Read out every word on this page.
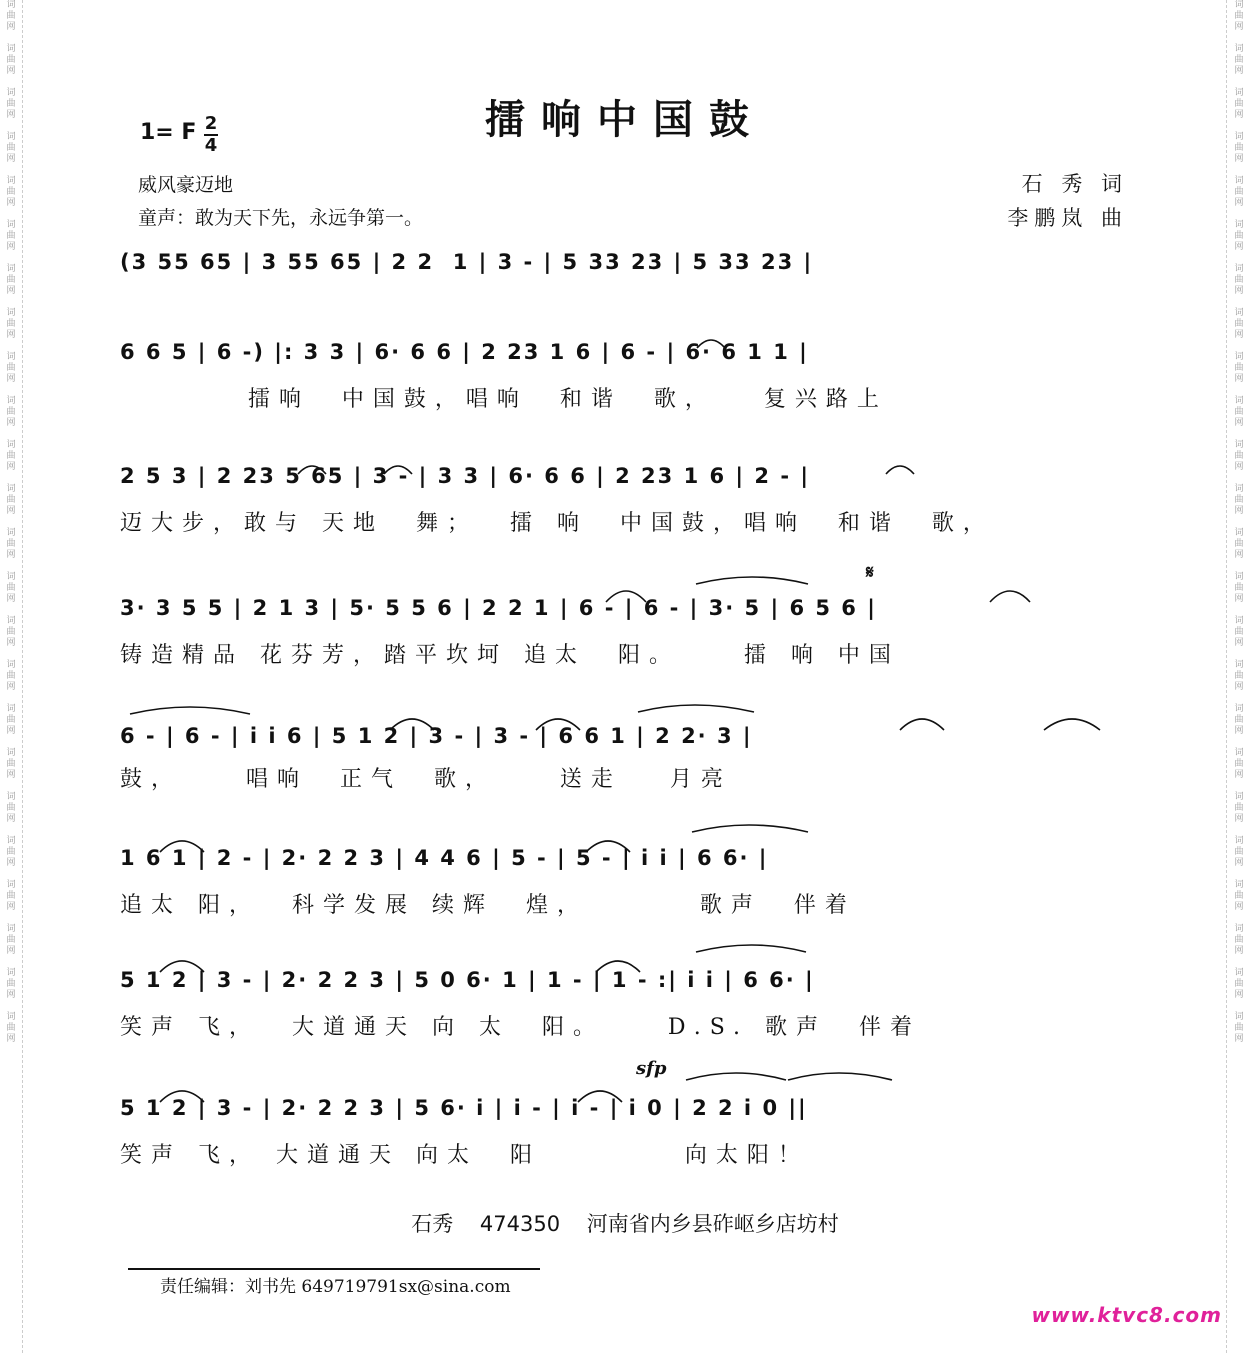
词
曲
网

词
曲
网

词
曲
网

词
曲
网

词
曲
网

词
曲
网

词
曲
网

词
曲
网

词
曲
网

词
曲
网

词
曲
网

词
曲
网

词
曲
网

词
曲
网

词
曲
网

词
曲
网

词
曲
网

词
曲
网

词
曲
网

词
曲
网

词
曲
网

词
曲
网

词
曲
网

词
曲
网
词
曲
网

词
曲
网

词
曲
网

词
曲
网

词
曲
网

词
曲
网

词
曲
网

词
曲
网

词
曲
网

词
曲
网

词
曲
网

词
曲
网

词
曲
网

词
曲
网

词
曲
网

词
曲
网

词
曲
网

词
曲
网

词
曲
网

词
曲
网

词
曲
网

词
曲
网

词
曲
网

词
曲
网
擂响中国鼓
1= F 2
4
威风豪迈地
童声：敢为天下先，永远争第一。
石 秀 词
李鹏岚 曲
(3 55 65 | 3 55 65 | 2 2  1 | 3 - | 5 33 23 | 5 33 23 |
6 6 5 | 6 -) |: 3 3 | 6· 6 6 | 2 23 1 6 | 6 - | 6· 6 1 1 |
擂响  中国鼓，唱响  和谐  歌，   复兴路上
2 5 3 | 2 23 5 65 | 3 - | 3 3 | 6· 6 6 | 2 23 1 6 | 2 - |
迈大步，敢与 天地  舞；  擂 响  中国鼓，唱响  和谐  歌，
3· 3 5 5 | 2 1 3 | 5· 5 5 6 | 2 2 1 | 6 - | 6 - | 3· 5 | 6 5 6 |
铸造精品 花芬芳，踏平坎坷 追太  阳。    擂 响 中国
6 - | 6 - | i i 6 | 5 1 2 | 3 - | 3 - | 6 6 1 | 2 2· 3 |
鼓，    唱响  正气  歌，    送走   月亮
1 6 1 | 2 - | 2· 2 2 3 | 4 4 6 | 5 - | 5 - | i i | 6 6· |
追太 阳，  科学发展 续辉  煌，       歌声  伴着
5 1 2 | 3 - | 2· 2 2 3 | 5 0 6· 1 | 1 - | 1 - :| i i | 6 6· |
笑声 飞，  大道通天 向 太  阳。    D.S. 歌声  伴着
5 1 2 | 3 - | 2· 2 2 3 | 5 6· i | i - | i - | i 0 | 2 2 i 0 ||
笑声 飞， 大道通天 向太  阳         向太阳！
𝄋
sfp
石秀 474350 河南省内乡县砟岖乡店坊村
责任编辑：刘书先 649719791sx@sina.com
www.ktvc8.com
